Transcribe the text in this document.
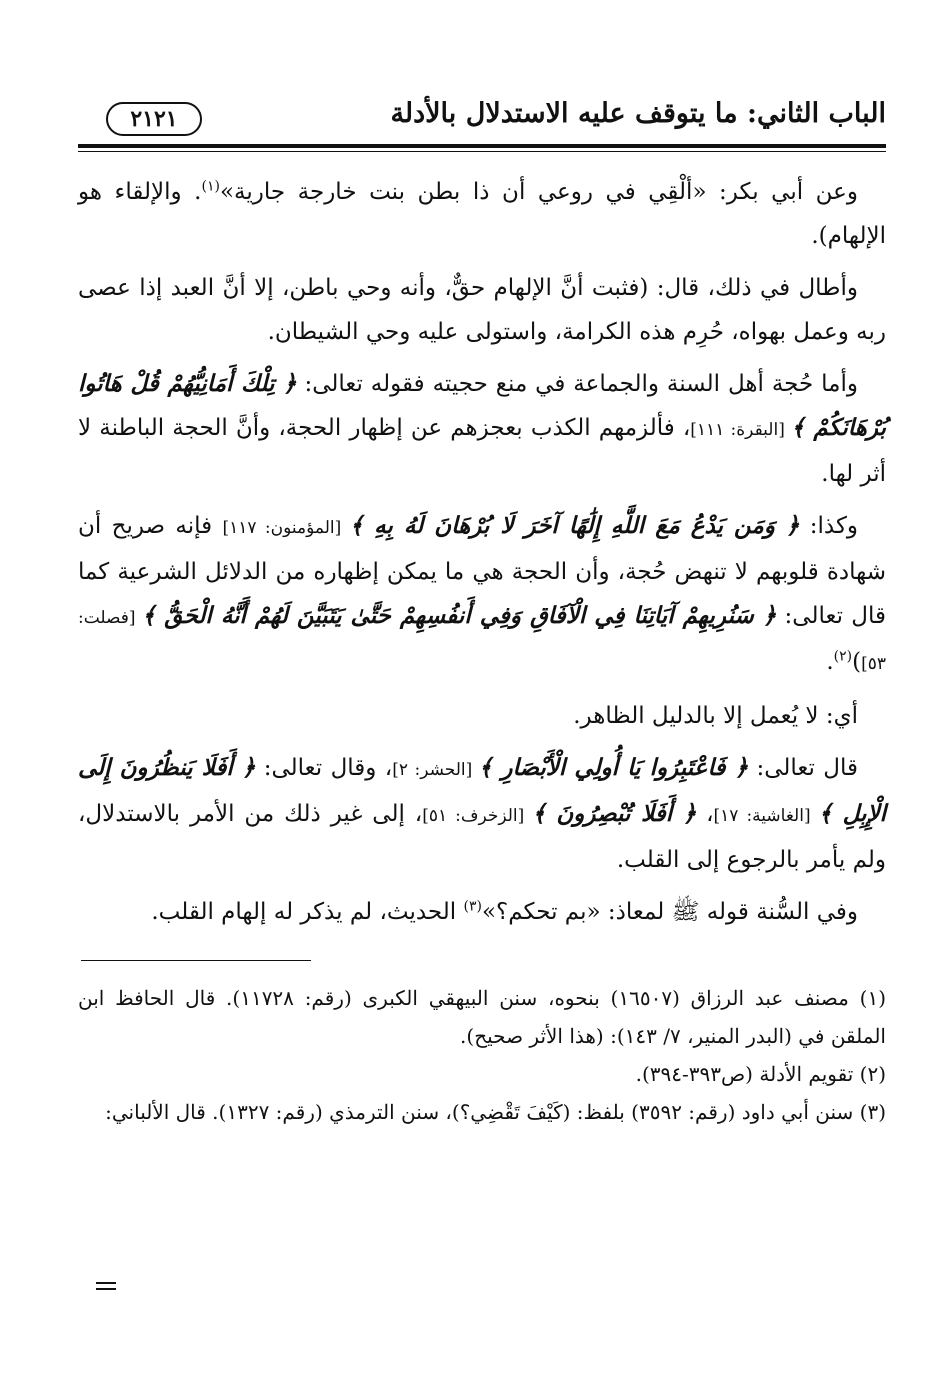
الباب الثاني: ما يتوقف عليه الاستدلال بالأدلة
٢١٢١

وعن أبي بكر: «ألْقِي في روعي أن ذا بطن بنت خارجة جارية»$^{(١)}$. والإلقاء هو الإلهام).

وأطال في ذلك، قال: (فثبت أنَّ الإلهام حقٌّ، وأنه وحي باطن، إلا أنَّ العبد إذا عصى ربه وعمل بهواه، حُرِم هذه الكرامة، واستولى عليه وحي الشيطان.

وأما حُجة أهل السنة والجماعة في منع حجيته فقوله تعالى: ﴿ تِلْكَ أَمَانِيُّهُمْ قُلْ هَاتُوا بُرْهَانَكُمْ ﴾ [البقرة: ١١١]، فألزمهم الكذب بعجزهم عن إظهار الحجة، وأنَّ الحجة الباطنة لا أثر لها.

وكذا: ﴿ وَمَن يَدْعُ مَعَ اللَّهِ إِلَٰهًا آخَرَ لَا بُرْهَانَ لَهُ بِهِ ﴾ [المؤمنون: ١١٧] فإنه صريح أن شهادة قلوبهم لا تنهض حُجة، وأن الحجة هي ما يمكن إظهاره من الدلائل الشرعية كما قال تعالى: ﴿ سَنُرِيهِمْ آيَاتِنَا فِي الْآفَاقِ وَفِي أَنفُسِهِمْ حَتَّىٰ يَتَبَيَّنَ لَهُمْ أَنَّهُ الْحَقُّ ﴾ [فصلت: ٥٣])$^{(٢)}$.

أي: لا يُعمل إلا بالدليل الظاهر.

قال تعالى: ﴿ فَاعْتَبِرُوا يَا أُولِي الْأَبْصَارِ ﴾ [الحشر: ٢]، وقال تعالى: ﴿ أَفَلَا يَنظُرُونَ إِلَى الْإِبِلِ ﴾ [الغاشية: ١٧]، ﴿ أَفَلَا تُبْصِرُونَ ﴾ [الزخرف: ٥١]، إلى غير ذلك من الأمر بالاستدلال، ولم يأمر بالرجوع إلى القلب.

وفي السُّنة قوله ﷺ لمعاذ: «بم تحكم؟»$^{(٣)}$ الحديث، لم يذكر له إلهام القلب.

(١) مصنف عبد الرزاق (١٦٥٠٧) بنحوه، سنن البيهقي الكبرى (رقم: ١١٧٢٨). قال الحافظ ابن الملقن في (البدر المنير، ٧/ ١٤٣): (هذا الأثر صحيح).

(٢) تقويم الأدلة (ص٣٩٣-٣٩٤).

(٣) سنن أبي داود (رقم: ٣٥٩٢) بلفظ: (كَيْفَ تَقْضِي؟)، سنن الترمذي (رقم: ١٣٢٧). قال الألباني:
